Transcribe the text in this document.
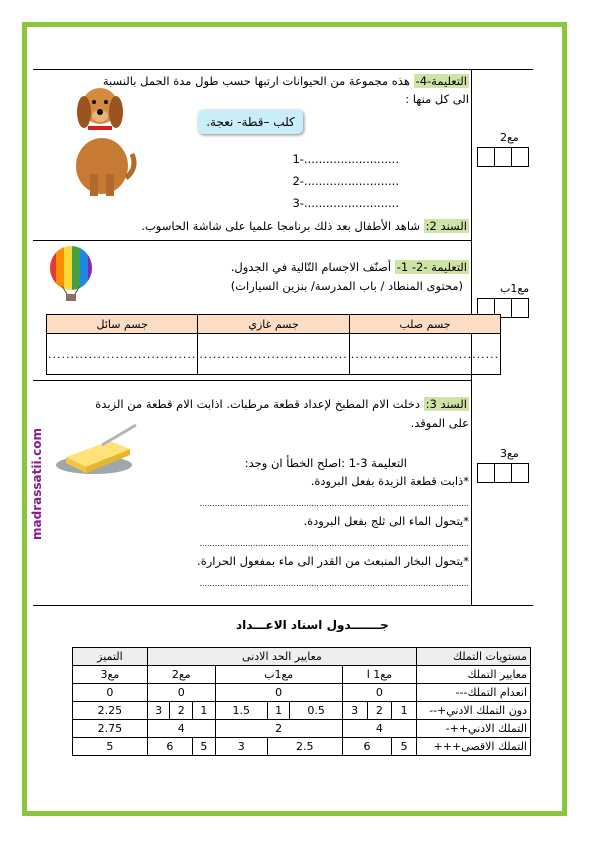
التعليمة-4- هذه مجموعة من الحيوانات ارتبها حسب طول مدة الحمل بالنسبة
الى كل منها :
كلب –قطة- نعجة.
..........................-1
..........................-2
..........................-3
السند 2: شاهد الأطفال بعد ذلك برنامجا علميا على شاشة الحاسوب.
مع2
التعليمة -2- 1- أصنّف الاجسام التّالية في الجدول.
(محتوى المنطاد / باب المدرسة/ بنزين السيارات)	مع1ب
جسم صلب	جسم غازي	جسم سائل
.................................	.................................	.................................
السند 3: دخلت الام المطبخ لإعداد قطعة مرطبات. اذابت الام قطعة من الزبدة
على الموقد.
التعليمة 3-1 :اصلح الخطأ ان وجد:
*ذابت قطعة الزبدة بفعل البرودة.
..........................................................................................................
*يتحول الماء الى ثلج بفعل البرودة.
..........................................................................................................
*يتحول البخار المنبعث من القدر الى ماء بمفعول الحرارة.
..........................................................................................................
مع3
madrassatii.com
جـــــــدول اسناد الاعـــداد
مستويات التملك	معايير الحد الادنى									التميز
معايير التملك	مع1 ا			مع1ب			مع2			مع3
انعدام التملك---	0			0			0			0
دون التملك الادني+--	1	2	3	0.5	1	1.5	1	2	3	2.25
التملك الادني++-	4			2			4			2.75
التملك الاقصى+++	5	6		2.5		3	5	6		5
